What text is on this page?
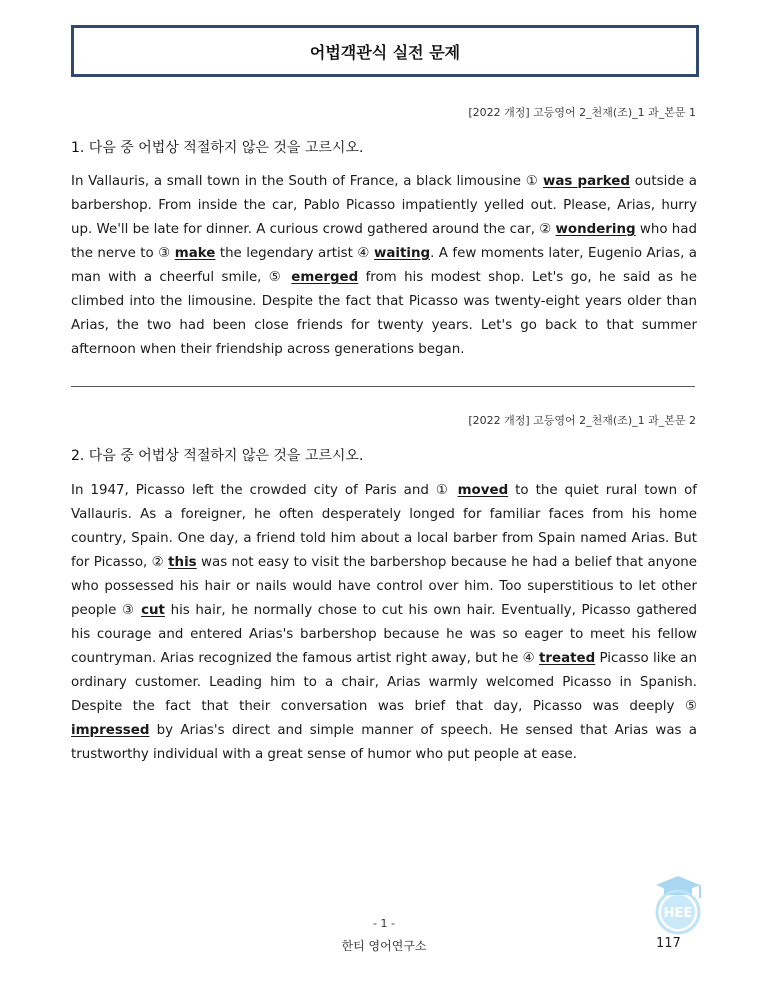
어법객관식 실전 문제
[2022 개정] 고등영어 2_천재(조)_1 과_본문 1
1. 다음 중 어법상 적절하지 않은 것을 고르시오.
In Vallauris, a small town in the South of France, a black limousine ① was parked outside a barbershop. From inside the car, Pablo Picasso impatiently yelled out. Please, Arias, hurry up. We'll be late for dinner. A curious crowd gathered around the car, ② wondering who had the nerve to ③ make the legendary artist ④ waiting. A few moments later, Eugenio Arias, a man with a cheerful smile, ⑤ emerged from his modest shop. Let's go, he said as he climbed into the limousine. Despite the fact that Picasso was twenty-eight years older than Arias, the two had been close friends for twenty years. Let's go back to that summer afternoon when their friendship across generations began.
[2022 개정] 고등영어 2_천재(조)_1 과_본문 2
2. 다음 중 어법상 적절하지 않은 것을 고르시오.
In 1947, Picasso left the crowded city of Paris and ① moved to the quiet rural town of Vallauris. As a foreigner, he often desperately longed for familiar faces from his home country, Spain. One day, a friend told him about a local barber from Spain named Arias. But for Picasso, ② this was not easy to visit the barbershop because he had a belief that anyone who possessed his hair or nails would have control over him. Too superstitious to let other people ③ cut his hair, he normally chose to cut his own hair. Eventually, Picasso gathered his courage and entered Arias's barbershop because he was so eager to meet his fellow countryman. Arias recognized the famous artist right away, but he ④ treated Picasso like an ordinary customer. Leading him to a chair, Arias warmly welcomed Picasso in Spanish. Despite the fact that their conversation was brief that day, Picasso was deeply ⑤ impressed by Arias's direct and simple manner of speech. He sensed that Arias was a trustworthy individual with a great sense of humor who put people at ease.
HEE
- 1 -
한티 영어연구소	117
